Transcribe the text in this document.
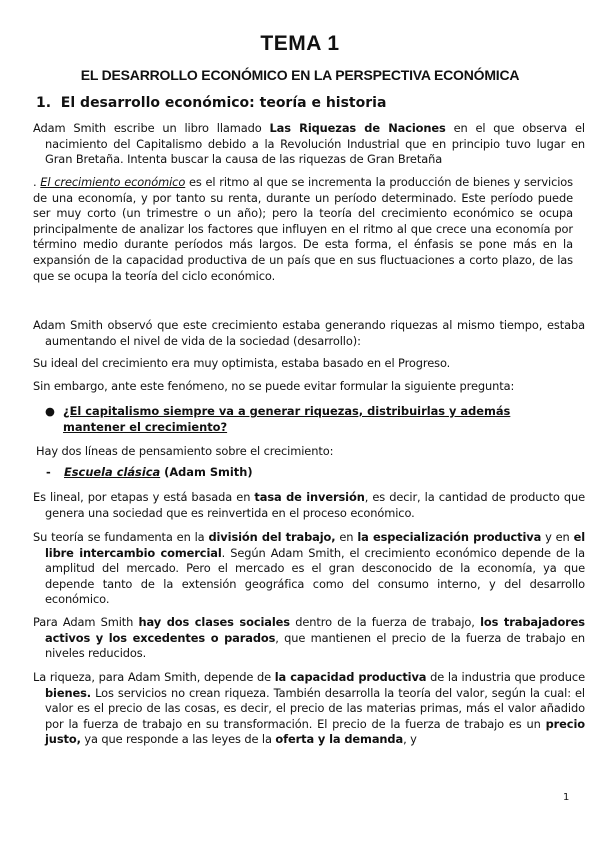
TEMA 1
EL DESARROLLO ECONÓMICO EN LA PERSPECTIVA ECONÓMICA
1.  El desarrollo económico: teoría e historia
Adam Smith escribe un libro llamado Las Riquezas de Naciones en el que observa el nacimiento del Capitalismo debido a la Revolución Industrial que en principio tuvo lugar en Gran Bretaña. Intenta buscar la causa de las riquezas de Gran Bretaña
. El crecimiento económico es el ritmo al que se incrementa la producción de bienes y servicios de una economía, y por tanto su renta, durante un período determinado. Este período puede ser muy corto (un trimestre o un año); pero la teoría del crecimiento económico se ocupa principalmente de analizar los factores que influyen en el ritmo al que crece una economía por término medio durante períodos más largos. De esta forma, el énfasis se pone más en la expansión de la capacidad productiva de un país que en sus fluctuaciones a corto plazo, de las que se ocupa la teoría del ciclo económico.
Adam Smith observó que este crecimiento estaba generando riquezas al mismo tiempo, estaba aumentando el nivel de vida de la sociedad (desarrollo):
Su ideal del crecimiento era muy optimista, estaba basado en el Progreso.
Sin embargo, ante este fenómeno, no se puede evitar formular la siguiente pregunta:
● ¿El capitalismo siempre va a generar riquezas, distribuirlas y además mantener el crecimiento?
Hay dos líneas de pensamiento sobre el crecimiento:
- Escuela clásica (Adam Smith)
Es lineal, por etapas y está basada en tasa de inversión, es decir, la cantidad de producto que genera una sociedad que es reinvertida en el proceso económico.
Su teoría se fundamenta en la división del trabajo, en la especialización productiva y en el libre intercambio comercial. Según Adam Smith, el crecimiento económico depende de la amplitud del mercado. Pero el mercado es el gran desconocido de la economía, ya que depende tanto de la extensión geográfica como del consumo interno, y del desarrollo económico.
Para Adam Smith hay dos clases sociales dentro de la fuerza de trabajo, los trabajadores activos y los excedentes o parados, que mantienen el precio de la fuerza de trabajo en niveles reducidos.
La riqueza, para Adam Smith, depende de la capacidad productiva de la industria que produce bienes. Los servicios no crean riqueza. También desarrolla la teoría del valor, según la cual: el valor es el precio de las cosas, es decir, el precio de las materias primas, más el valor añadido por la fuerza de trabajo en su transformación. El precio de la fuerza de trabajo es un precio justo, ya que responde a las leyes de la oferta y la demanda, y
1
